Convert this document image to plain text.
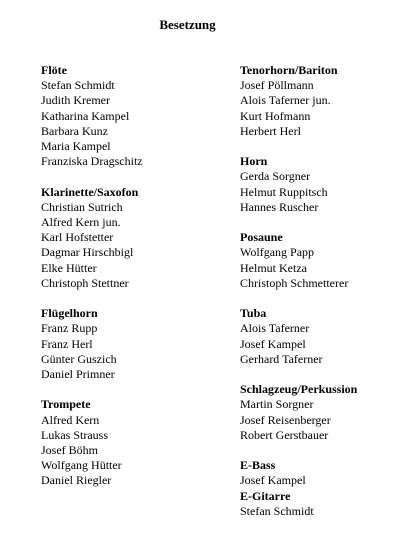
Besetzung
Flöte
Stefan Schmidt
Judith Kremer
Katharina Kampel
Barbara Kunz
Maria Kampel
Franziska Dragschitz
Klarinette/Saxofon
Christian Sutrich
Alfred Kern jun.
Karl Hofstetter
Dagmar Hirschbigl
Elke Hütter
Christoph Stettner
Flügelhorn
Franz Rupp
Franz Herl
Günter Guszich
Daniel Primner
Trompete
Alfred Kern
Lukas Strauss
Josef Böhm
Wolfgang Hütter
Daniel Riegler
Tenorhorn/Bariton
Josef Pöllmann
Alois Taferner jun.
Kurt Hofmann
Herbert Herl
Horn
Gerda Sorgner
Helmut Ruppitsch
Hannes Ruscher
Posaune
Wolfgang Papp
Helmut Ketza
Christoph Schmetterer
Tuba
Alois Taferner
Josef Kampel
Gerhard Taferner
Schlagzeug/Perkussion
Martin Sorgner
Josef Reisenberger
Robert Gerstbauer
E-Bass
Josef Kampel
E-Gitarre
Stefan Schmidt
